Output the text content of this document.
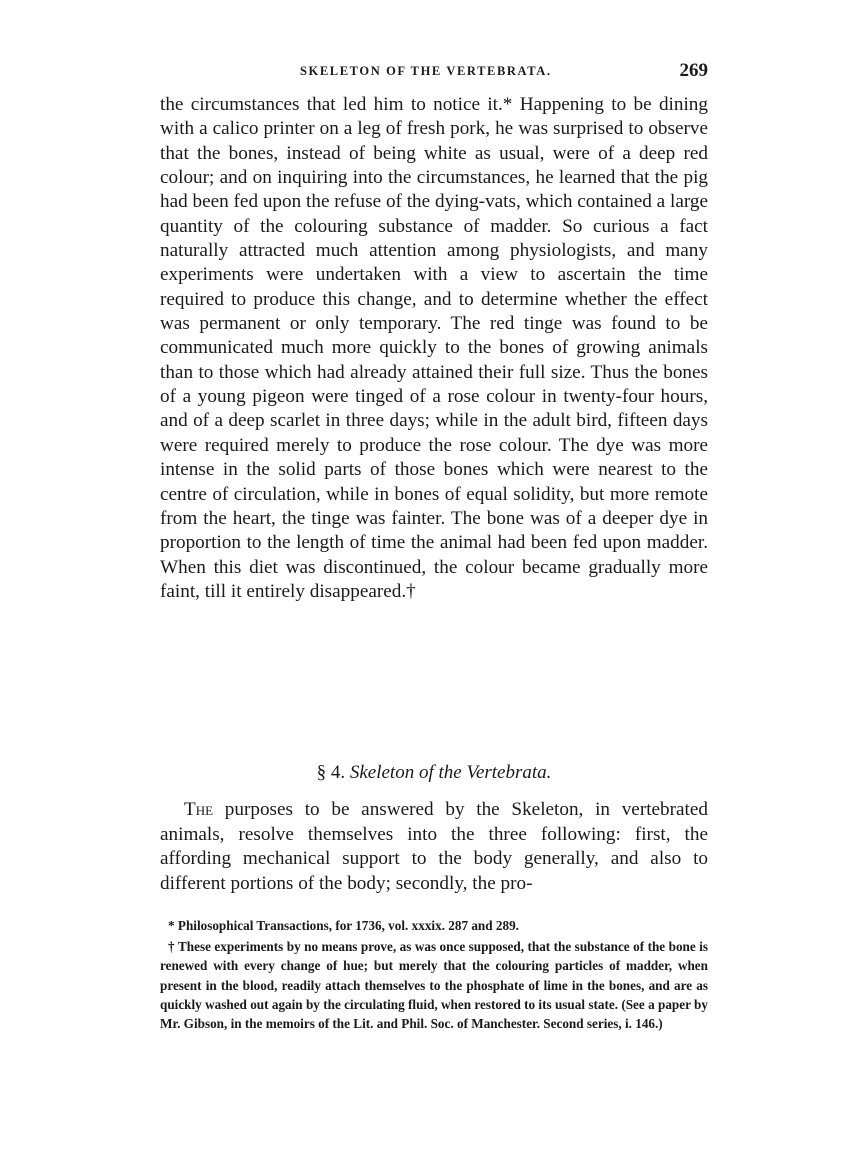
SKELETON OF THE VERTEBRATA.	269

the circumstances that led him to notice it.* Happening to be dining with a calico printer on a leg of fresh pork, he was surprised to observe that the bones, instead of being white as usual, were of a deep red colour; and on inquiring into the circumstances, he learned that the pig had been fed upon the refuse of the dying-vats, which contained a large quantity of the colouring substance of madder. So curious a fact naturally attracted much attention among physiologists, and many experiments were undertaken with a view to ascertain the time required to produce this change, and to determine whether the effect was permanent or only temporary. The red tinge was found to be communicated much more quickly to the bones of growing animals than to those which had already attained their full size. Thus the bones of a young pigeon were tinged of a rose colour in twenty-four hours, and of a deep scarlet in three days; while in the adult bird, fifteen days were required merely to produce the rose colour. The dye was more intense in the solid parts of those bones which were nearest to the centre of circulation, while in bones of equal solidity, but more remote from the heart, the tinge was fainter. The bone was of a deeper dye in proportion to the length of time the animal had been fed upon madder. When this diet was discontinued, the colour became gradually more faint, till it entirely disappeared.†

§ 4. Skeleton of the Vertebrata.

The purposes to be answered by the Skeleton, in vertebrated animals, resolve themselves into the three following: first, the affording mechanical support to the body generally, and also to different portions of the body; secondly, the pro-

* Philosophical Transactions, for 1736, vol. xxxix. 287 and 289.

† These experiments by no means prove, as was once supposed, that the substance of the bone is renewed with every change of hue; but merely that the colouring particles of madder, when present in the blood, readily attach themselves to the phosphate of lime in the bones, and are as quickly washed out again by the circulating fluid, when restored to its usual state. (See a paper by Mr. Gibson, in the memoirs of the Lit. and Phil. Soc. of Manchester. Second series, i. 146.)
